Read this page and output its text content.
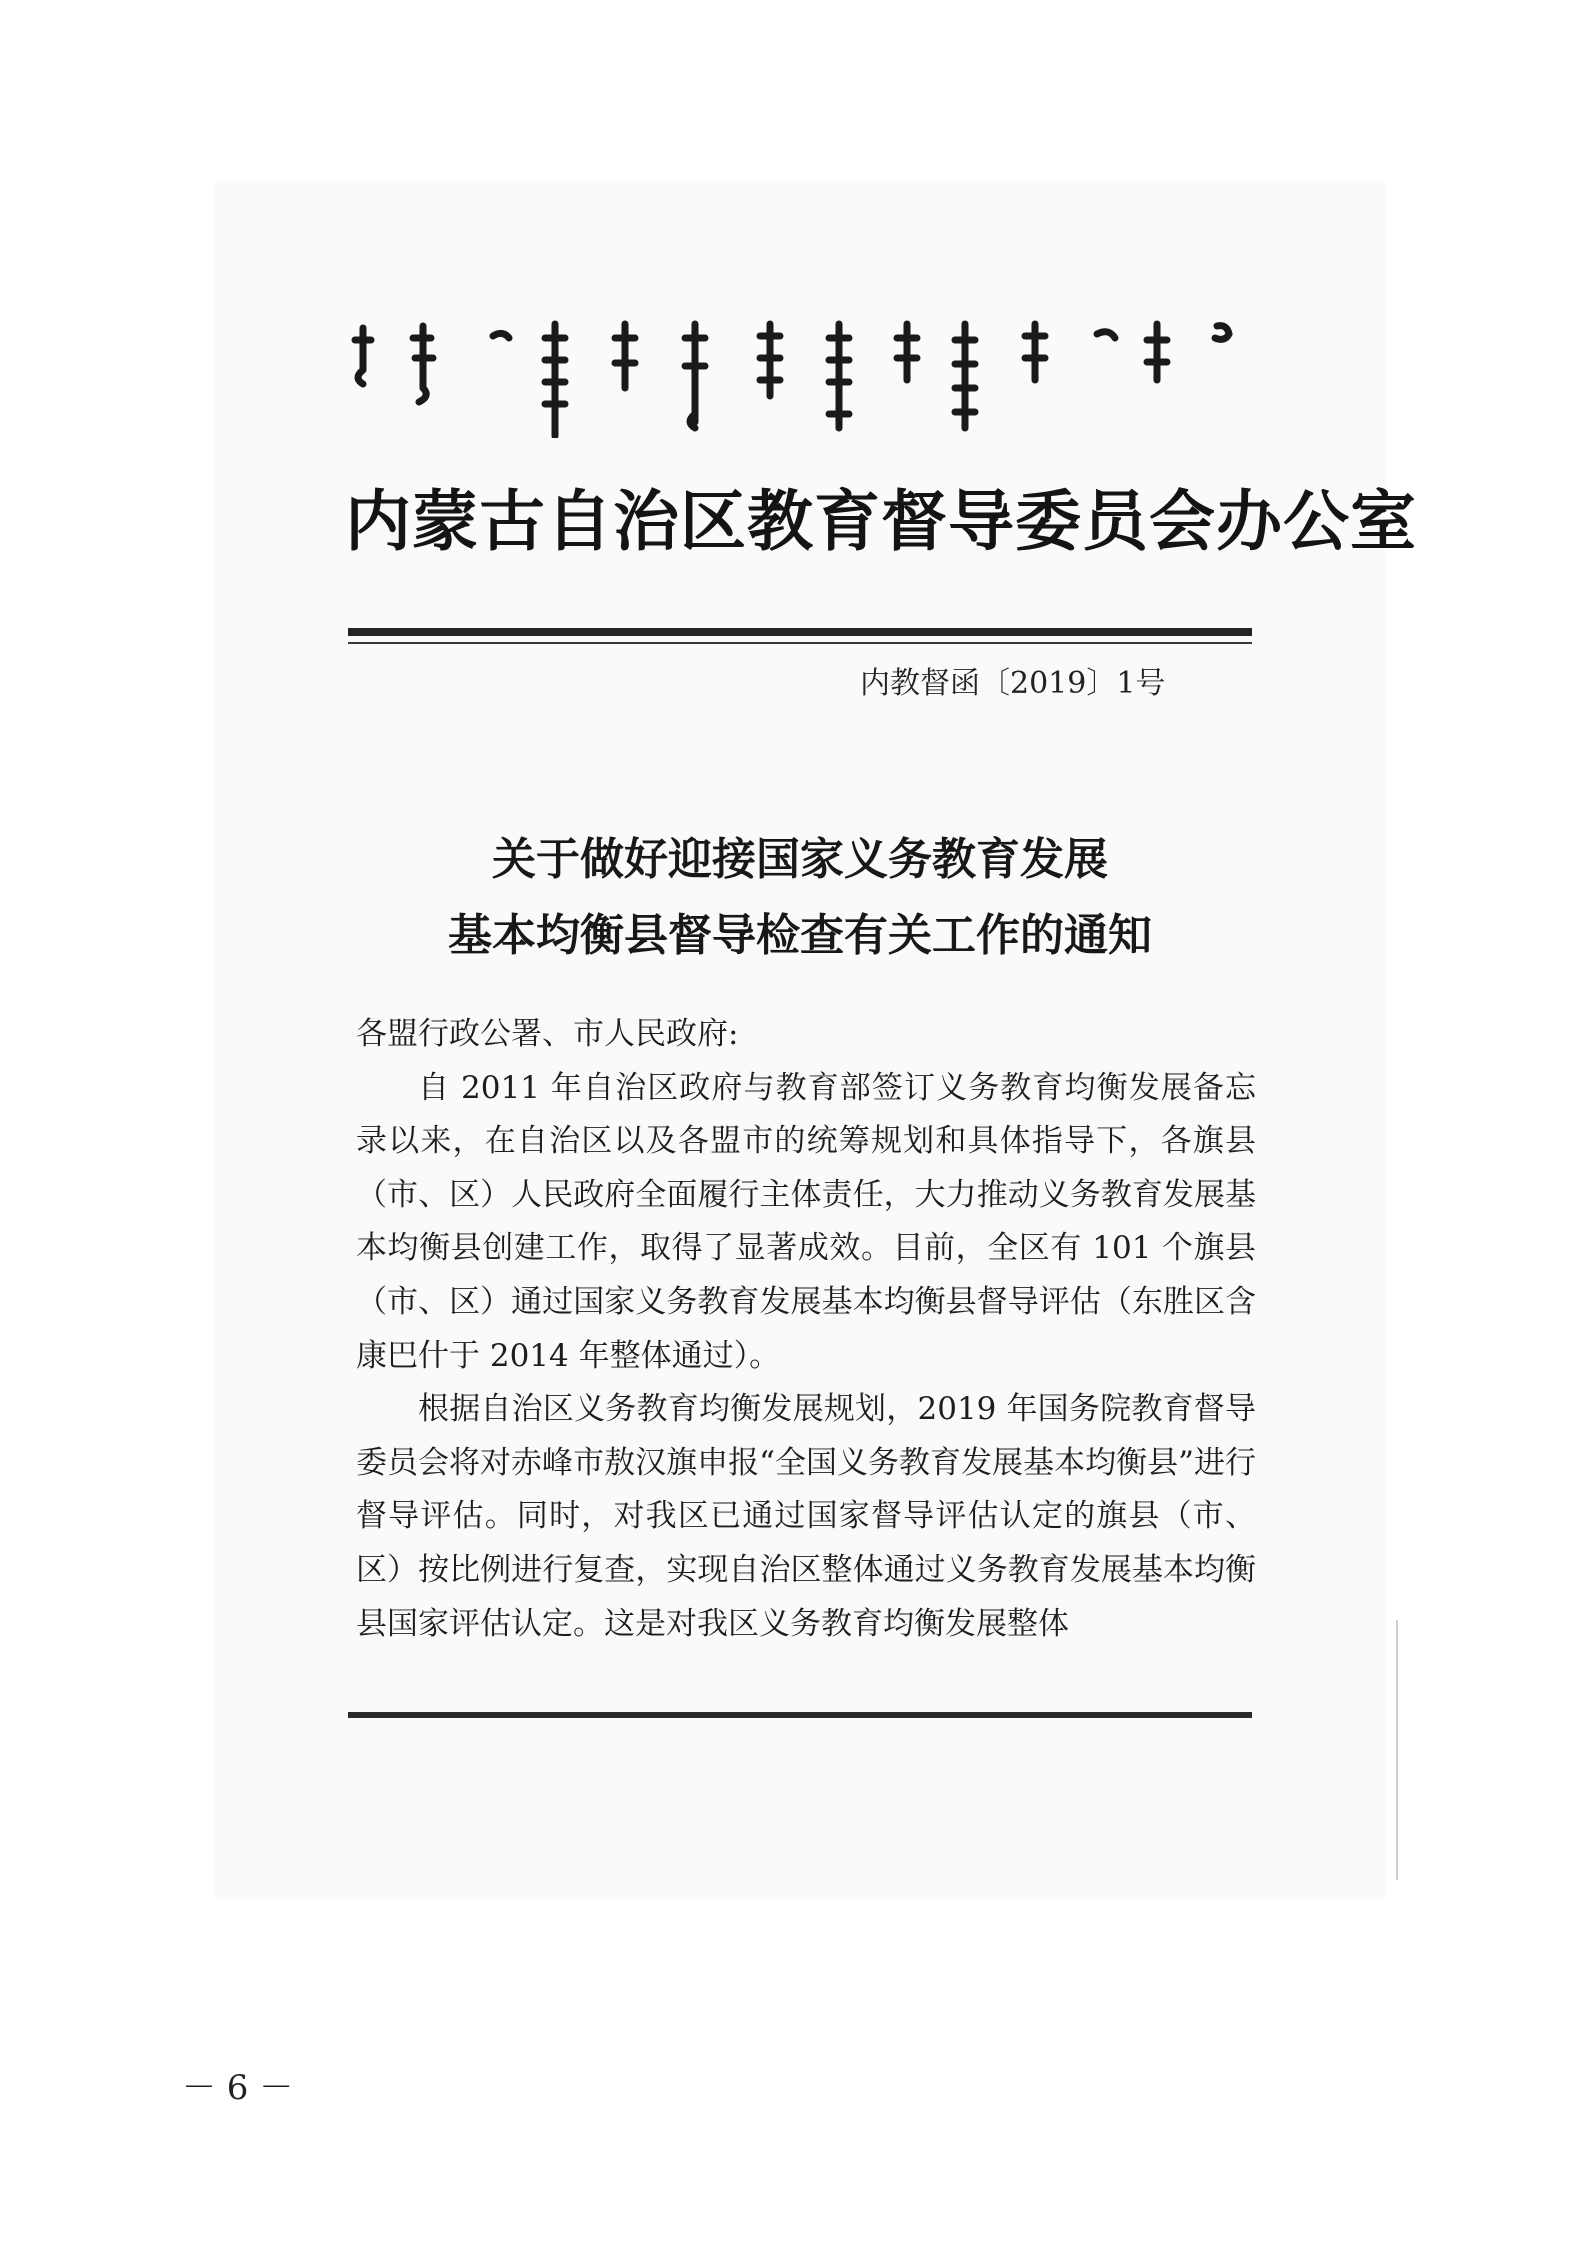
内蒙古自治区教育督导委员会办公室
内教督函〔2019〕1号
关于做好迎接国家义务教育发展
基本均衡县督导检查有关工作的通知

各盟行政公署、市人民政府:

自 2011 年自治区政府与教育部签订义务教育均衡发展备忘录以来，在自治区以及各盟市的统筹规划和具体指导下，各旗县（市、区）人民政府全面履行主体责任，大力推动义务教育发展基本均衡县创建工作，取得了显著成效。目前，全区有 101 个旗县（市、区）通过国家义务教育发展基本均衡县督导评估（东胜区含康巴什于 2014 年整体通过）。

根据自治区义务教育均衡发展规划，2019 年国务院教育督导委员会将对赤峰市敖汉旗申报“全国义务教育发展基本均衡县”进行督导评估。同时，对我区已通过国家督导评估认定的旗县（市、区）按比例进行复查，实现自治区整体通过义务教育发展基本均衡县国家评估认定。这是对我区义务教育均衡发展整体

－ 6 －
